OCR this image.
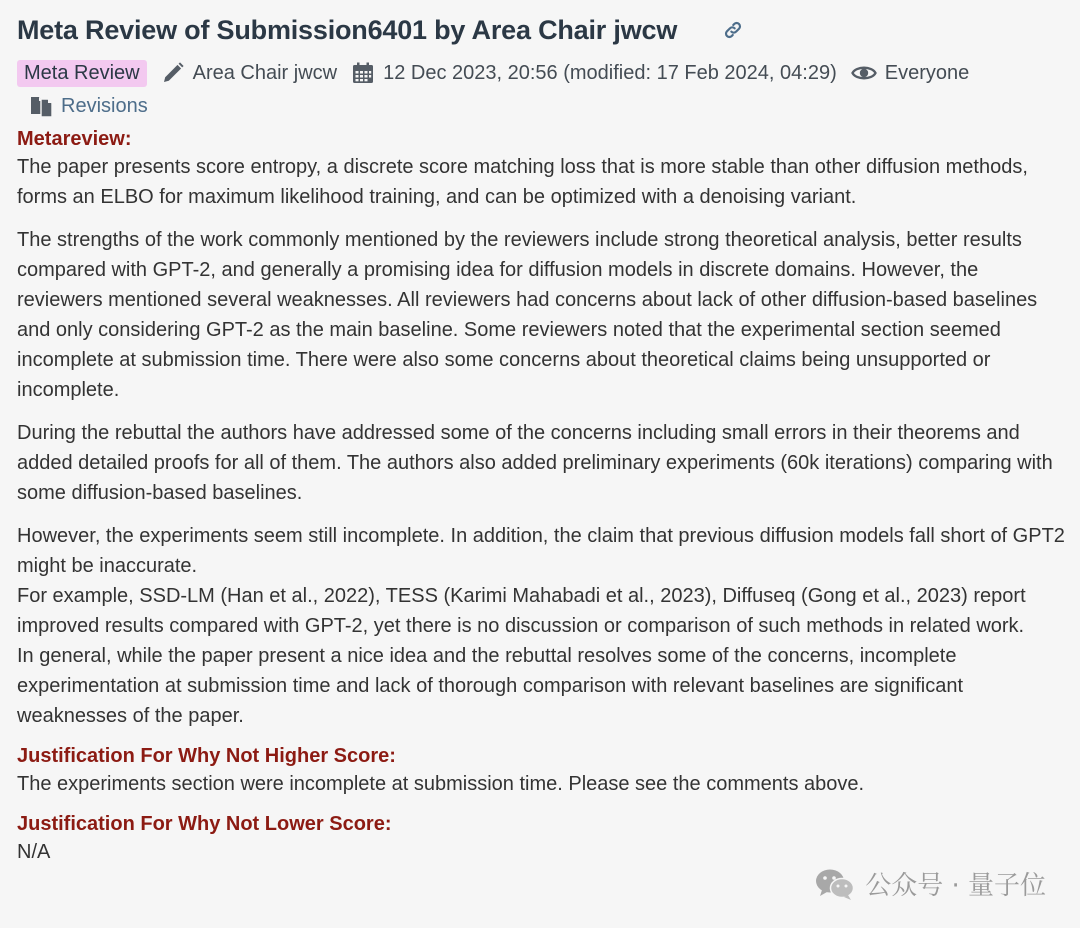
Meta Review of Submission6401 by Area Chair jwcw
Meta Review	Area Chair jwcw 12 Dec 2023, 20:56 (modified: 17 Feb 2024, 04:29) Everyone
Revisions
Metareview:

The paper presents score entropy, a discrete score matching loss that is more stable than other diffusion methods, forms an ELBO for maximum likelihood training, and can be optimized with a denoising variant.

The strengths of the work commonly mentioned by the reviewers include strong theoretical analysis, better results compared with GPT-2, and generally a promising idea for diffusion models in discrete domains. However, the reviewers mentioned several weaknesses. All reviewers had concerns about lack of other diffusion-based baselines and only considering GPT-2 as the main baseline. Some reviewers noted that the experimental section seemed incomplete at submission time. There were also some concerns about theoretical claims being unsupported or incomplete.

During the rebuttal the authors have addressed some of the concerns including small errors in their theorems and added detailed proofs for all of them. The authors also added preliminary experiments (60k iterations) comparing with some diffusion-based baselines.

However, the experiments seem still incomplete. In addition, the claim that previous diffusion models fall short of GPT2 might be inaccurate.

For example, SSD-LM (Han et al., 2022), TESS (Karimi Mahabadi et al., 2023), Diffuseq (Gong et al., 2023) report improved results compared with GPT-2, yet there is no discussion or comparison of such methods in related work.

In general, while the paper present a nice idea and the rebuttal resolves some of the concerns, incomplete experimentation at submission time and lack of thorough comparison with relevant baselines are significant weaknesses of the paper.

Justification For Why Not Higher Score:
The experiments section were incomplete at submission time. Please see the comments above.
Justification For Why Not Lower Score:
N/A
公众号 · 量子位
